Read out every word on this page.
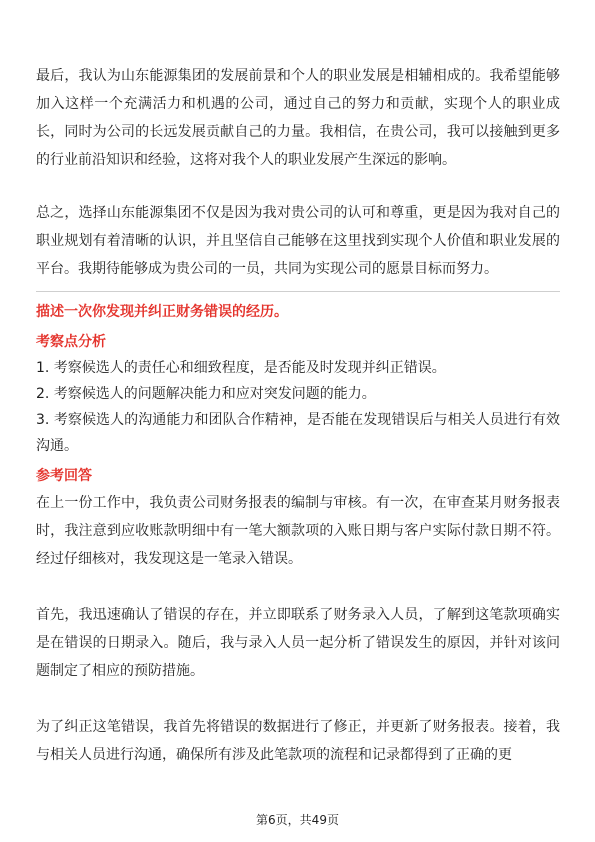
最后，我认为山东能源集团的发展前景和个人的职业发展是相辅相成的。我希望能够加入这样一个充满活力和机遇的公司，通过自己的努力和贡献，实现个人的职业成长，同时为公司的长远发展贡献自己的力量。我相信，在贵公司，我可以接触到更多的行业前沿知识和经验，这将对我个人的职业发展产生深远的影响。

总之，选择山东能源集团不仅是因为我对贵公司的认可和尊重，更是因为我对自己的职业规划有着清晰的认识，并且坚信自己能够在这里找到实现个人价值和职业发展的平台。我期待能够成为贵公司的一员，共同为实现公司的愿景目标而努力。

描述一次你发现并纠正财务错误的经历。
考察点分析
1. 考察候选人的责任心和细致程度，是否能及时发现并纠正错误。
2. 考察候选人的问题解决能力和应对突发问题的能力。
3. 考察候选人的沟通能力和团队合作精神，是否能在发现错误后与相关人员进行有效沟通。
参考回答

在上一份工作中，我负责公司财务报表的编制与审核。有一次，在审查某月财务报表时，我注意到应收账款明细中有一笔大额款项的入账日期与客户实际付款日期不符。经过仔细核对，我发现这是一笔录入错误。

首先，我迅速确认了错误的存在，并立即联系了财务录入人员，了解到这笔款项确实是在错误的日期录入。随后，我与录入人员一起分析了错误发生的原因，并针对该问题制定了相应的预防措施。

为了纠正这笔错误，我首先将错误的数据进行了修正，并更新了财务报表。接着，我与相关人员进行沟通，确保所有涉及此笔款项的流程和记录都得到了正确的更

第6页，共49页
